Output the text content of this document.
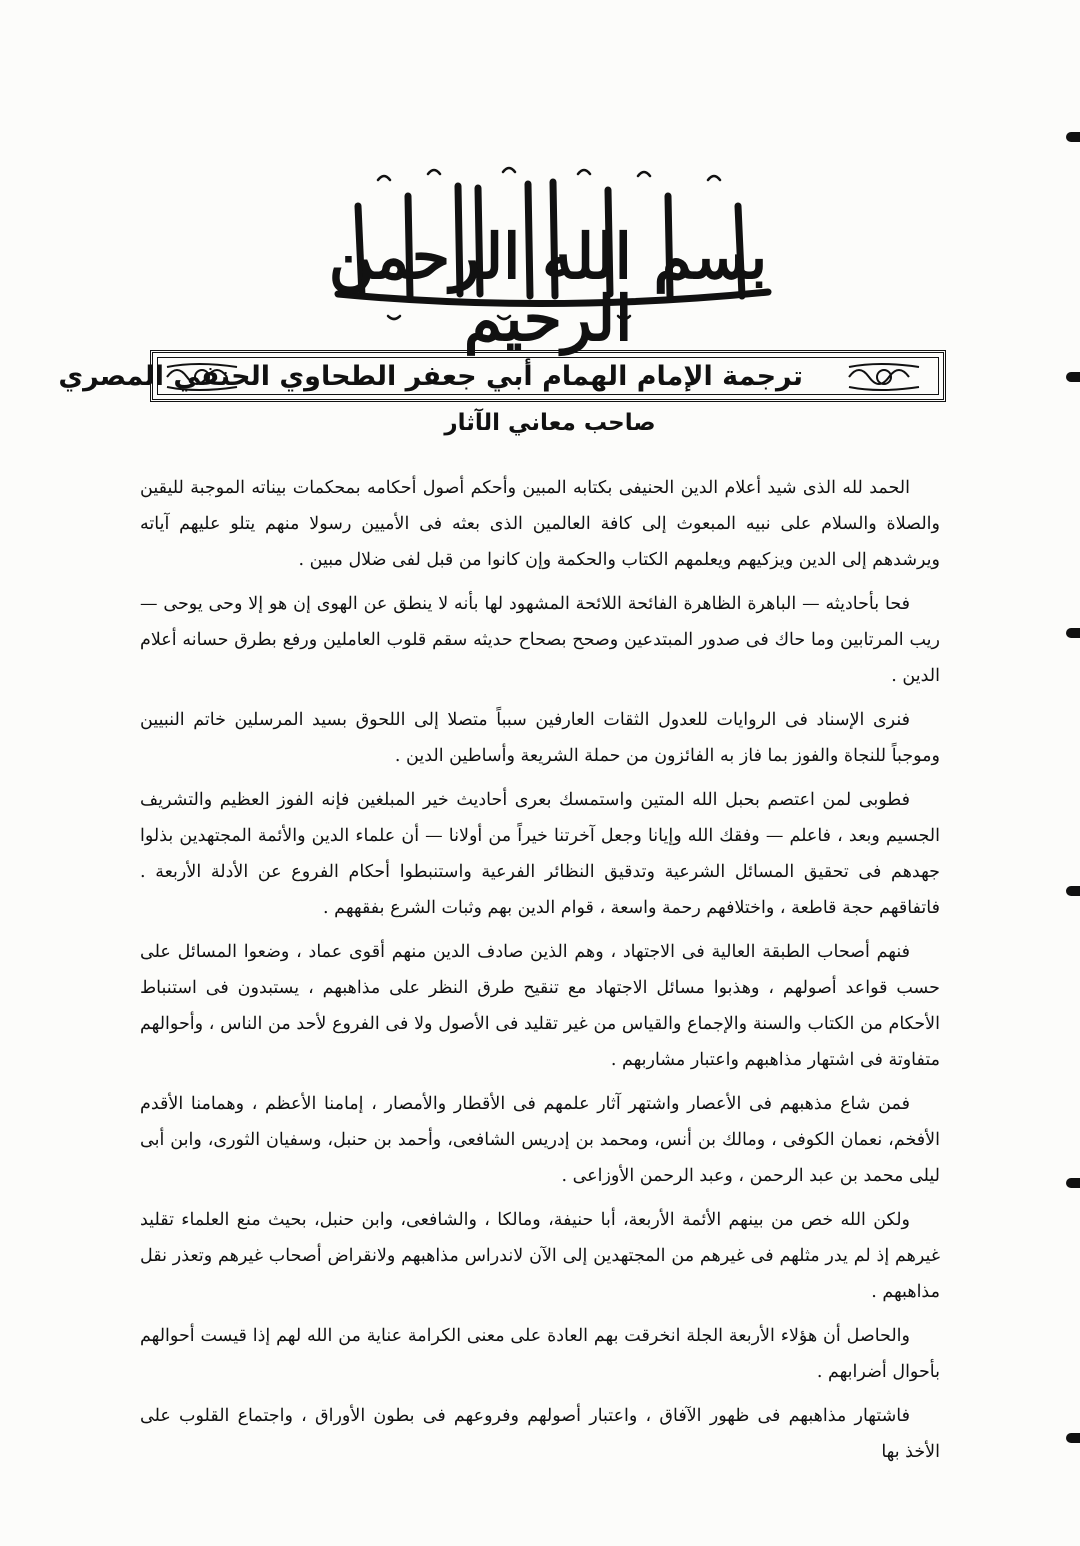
بسم الله الرحمن الرحيم
ترجمة الإمام الهمام أبي جعفر الطحاوي الحنفي المصري
صاحب معاني الآثار

الحمد لله الذى شيد أعلام الدين الحنيفى بكتابه المبين وأحكم أصول أحكامه بمحكمات بيناته الموجبة لليقين والصلاة والسلام على نبيه المبعوث إلى كافة العالمين الذى بعثه فى الأميين رسولا منهم يتلو عليهم آياته ويرشدهم إلى الدين ويزكيهم ويعلمهم الكتاب والحكمة وإن كانوا من قبل لفى ضلال مبين .

فحا بأحاديثه — الباهرة الظاهرة الفائحة اللائحة المشهود لها بأنه لا ينطق عن الهوى إن هو إلا وحى يوحى — ريب المرتابين وما حاك فى صدور المبتدعين وصحح بصحاح حديثه سقم قلوب العاملين ورفع بطرق حسانه أعلام الدين .

فنرى الإسناد فى الروايات للعدول الثقات العارفين سبباً متصلا إلى اللحوق بسيد المرسلين خاتم النبيين وموجباً للنجاة والفوز بما فاز به الفائزون من حملة الشريعة وأساطين الدين .

فطوبى لمن اعتصم بحبل الله المتين واستمسك بعرى أحاديث خير المبلغين فإنه الفوز العظيم والتشريف الجسيم وبعد ، فاعلم — وفقك الله وإيانا وجعل آخرتنا خيراً من أولانا — أن علماء الدين والأئمة المجتهدين بذلوا جهدهم فى تحقيق المسائل الشرعية وتدقيق النظائر الفرعية واستنبطوا أحكام الفروع عن الأدلة الأربعة . فاتفاقهم حجة قاطعة ، واختلافهم رحمة واسعة ، قوام الدين بهم وثبات الشرع بفقههم .

فنهم أصحاب الطبقة العالية فى الاجتهاد ، وهم الذين صادف الدين منهم أقوى عماد ، وضعوا المسائل على حسب قواعد أصولهم ، وهذبوا مسائل الاجتهاد مع تنقيح طرق النظر على مذاهبهم ، يستبدون فى استنباط الأحكام من الكتاب والسنة والإجماع والقياس من غير تقليد فى الأصول ولا فى الفروع لأحد من الناس ، وأحوالهم متفاوتة فى اشتهار مذاهبهم واعتبار مشاربهم .

فمن شاع مذهبهم فى الأعصار واشتهر آثار علمهم فى الأقطار والأمصار ، إمامنا الأعظم ، وهمامنا الأقدم الأفخم، نعمان الكوفى ، ومالك بن أنس، ومحمد بن إدريس الشافعى، وأحمد بن حنبل، وسفيان الثورى، وابن أبى ليلى محمد بن عبد الرحمن ، وعبد الرحمن الأوزاعى .

ولكن الله خص من بينهم الأئمة الأربعة، أبا حنيفة، ومالكا ، والشافعى، وابن حنبل، بحيث منع العلماء تقليد غيرهم إذ لم يدر مثلهم فى غيرهم من المجتهدين إلى الآن لاندراس مذاهبهم ولانقراض أصحاب غيرهم وتعذر نقل مذاهبهم .

والحاصل أن هؤلاء الأربعة الجلة انخرقت بهم العادة على معنى الكرامة عناية من الله لهم إذا قيست أحوالهم بأحوال أضرابهم .

فاشتهار مذاهبهم فى ظهور الآفاق ، واعتبار أصولهم وفروعهم فى بطون الأوراق ، واجتماع القلوب على الأخذ بها
